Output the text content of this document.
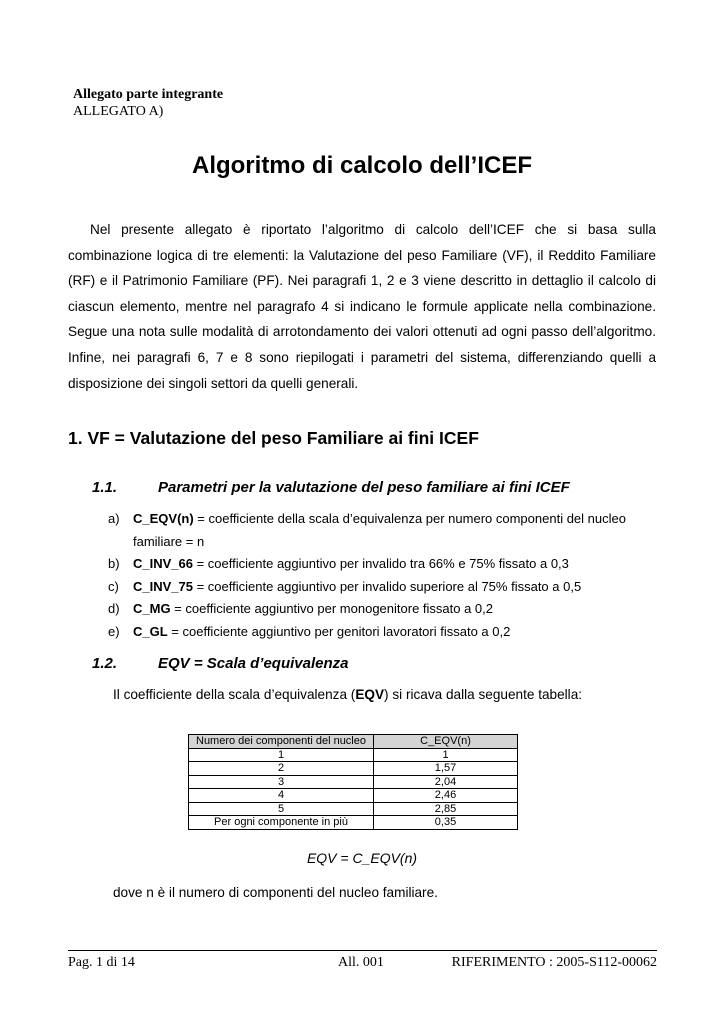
Allegato parte integrante
ALLEGATO A)
Algoritmo di calcolo dell’ICEF

Nel presente allegato è riportato l’algoritmo di calcolo dell’ICEF che si basa sulla combinazione logica di tre elementi: la Valutazione del peso Familiare (VF), il Reddito Familiare (RF) e il Patrimonio Familiare (PF). Nei paragrafi 1, 2 e 3 viene descritto in dettaglio il calcolo di ciascun elemento, mentre nel paragrafo 4 si indicano le formule applicate nella combinazione. Segue una nota sulle modalità di arrotondamento dei valori ottenuti ad ogni passo dell’algoritmo. Infine, nei paragrafi 6, 7 e 8 sono riepilogati i parametri del sistema, differenziando quelli a disposizione dei singoli settori da quelli generali.

1. VF = Valutazione del peso Familiare ai fini ICEF
1.1.	Parametri per la valutazione del peso familiare ai fini ICEF
a)	C_EQV(n) = coefficiente della scala d’equivalenza per numero componenti del nucleo familiare = n
b)	C_INV_66 = coefficiente aggiuntivo per invalido tra 66% e 75% fissato a 0,3
c)	C_INV_75 = coefficiente aggiuntivo per invalido superiore al 75% fissato a 0,5
d)	C_MG = coefficiente aggiuntivo per monogenitore fissato a 0,2
e)	C_GL = coefficiente aggiuntivo per genitori lavoratori fissato a 0,2
1.2.	EQV = Scala d’equivalenza
Il coefficiente della scala d’equivalenza (EQV) si ricava dalla seguente tabella:
Numero dei componenti del nucleo	C_EQV(n)
1	1
2	1,57
3	2,04
4	2,46
5	2,85
Per ogni componente in più	0,35
EQV = C_EQV(n)
dove n è il numero di componenti del nucleo familiare.
Pag. 1 di 14	All. 001	RIFERIMENTO : 2005-S112-00062
